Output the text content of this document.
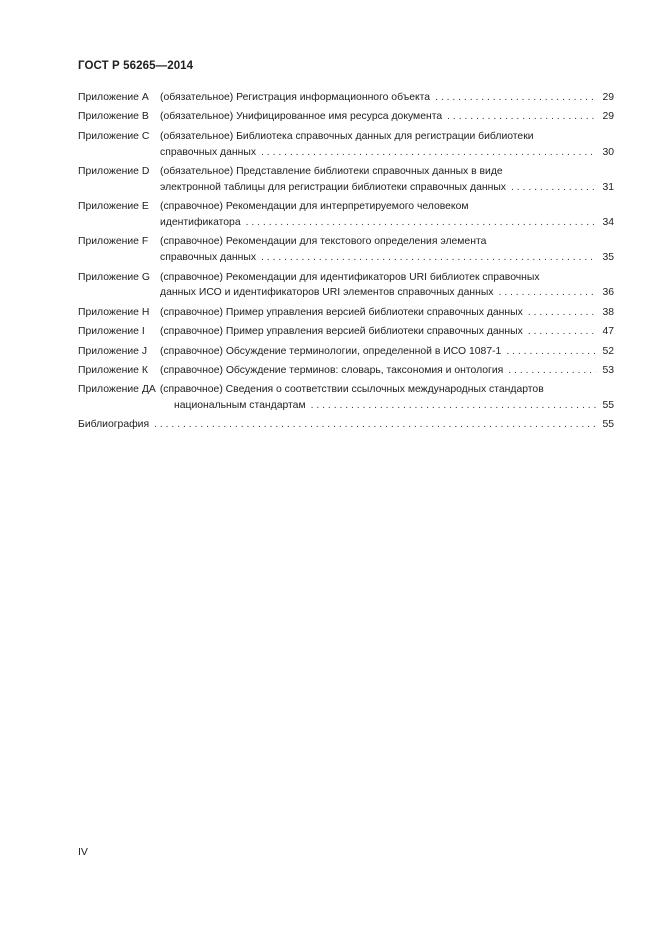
ГОСТ Р 56265—2014
Приложение А	(обязательное) Регистрация информационного объекта . . .	29
Приложение В	(обязательное) Унифицированное имя ресурса документа . . .	29
Приложение С	(обязательное) Библиотека справочных данных для регистрации библиотеки
справочных данных . . .	30
Приложение D	(обязательное) Представление библиотеки справочных данных в виде
электронной таблицы для регистрации библиотеки справочных данных . . .	31
Приложение Е	(справочное) Рекомендации для интерпретируемого человеком
идентификатора . . .	34
Приложение F	(справочное) Рекомендации для текстового определения элемента
справочных данных . . .	35
Приложение G (справочное) Рекомендации для идентификаторов URI библиотек справочных
данных ИСО и идентификаторов URI элементов справочных данных . . .	36
Приложение Н	(справочное) Пример управления версией библиотеки справочных данных . . .	38
Приложение I	(справочное) Пример управления версией библиотеки справочных данных . . .	47
Приложение J	(справочное) Обсуждение терминологии, определенной в ИСО 1087-1 . . .	52
Приложение К	(справочное) Обсуждение терминов: словарь, таксономия и онтология . . .	53
Приложение ДА (справочное) Сведения о соответствии ссылочных международных стандартов
национальным стандартам . . .	55
Библиография . . .	55
IV
